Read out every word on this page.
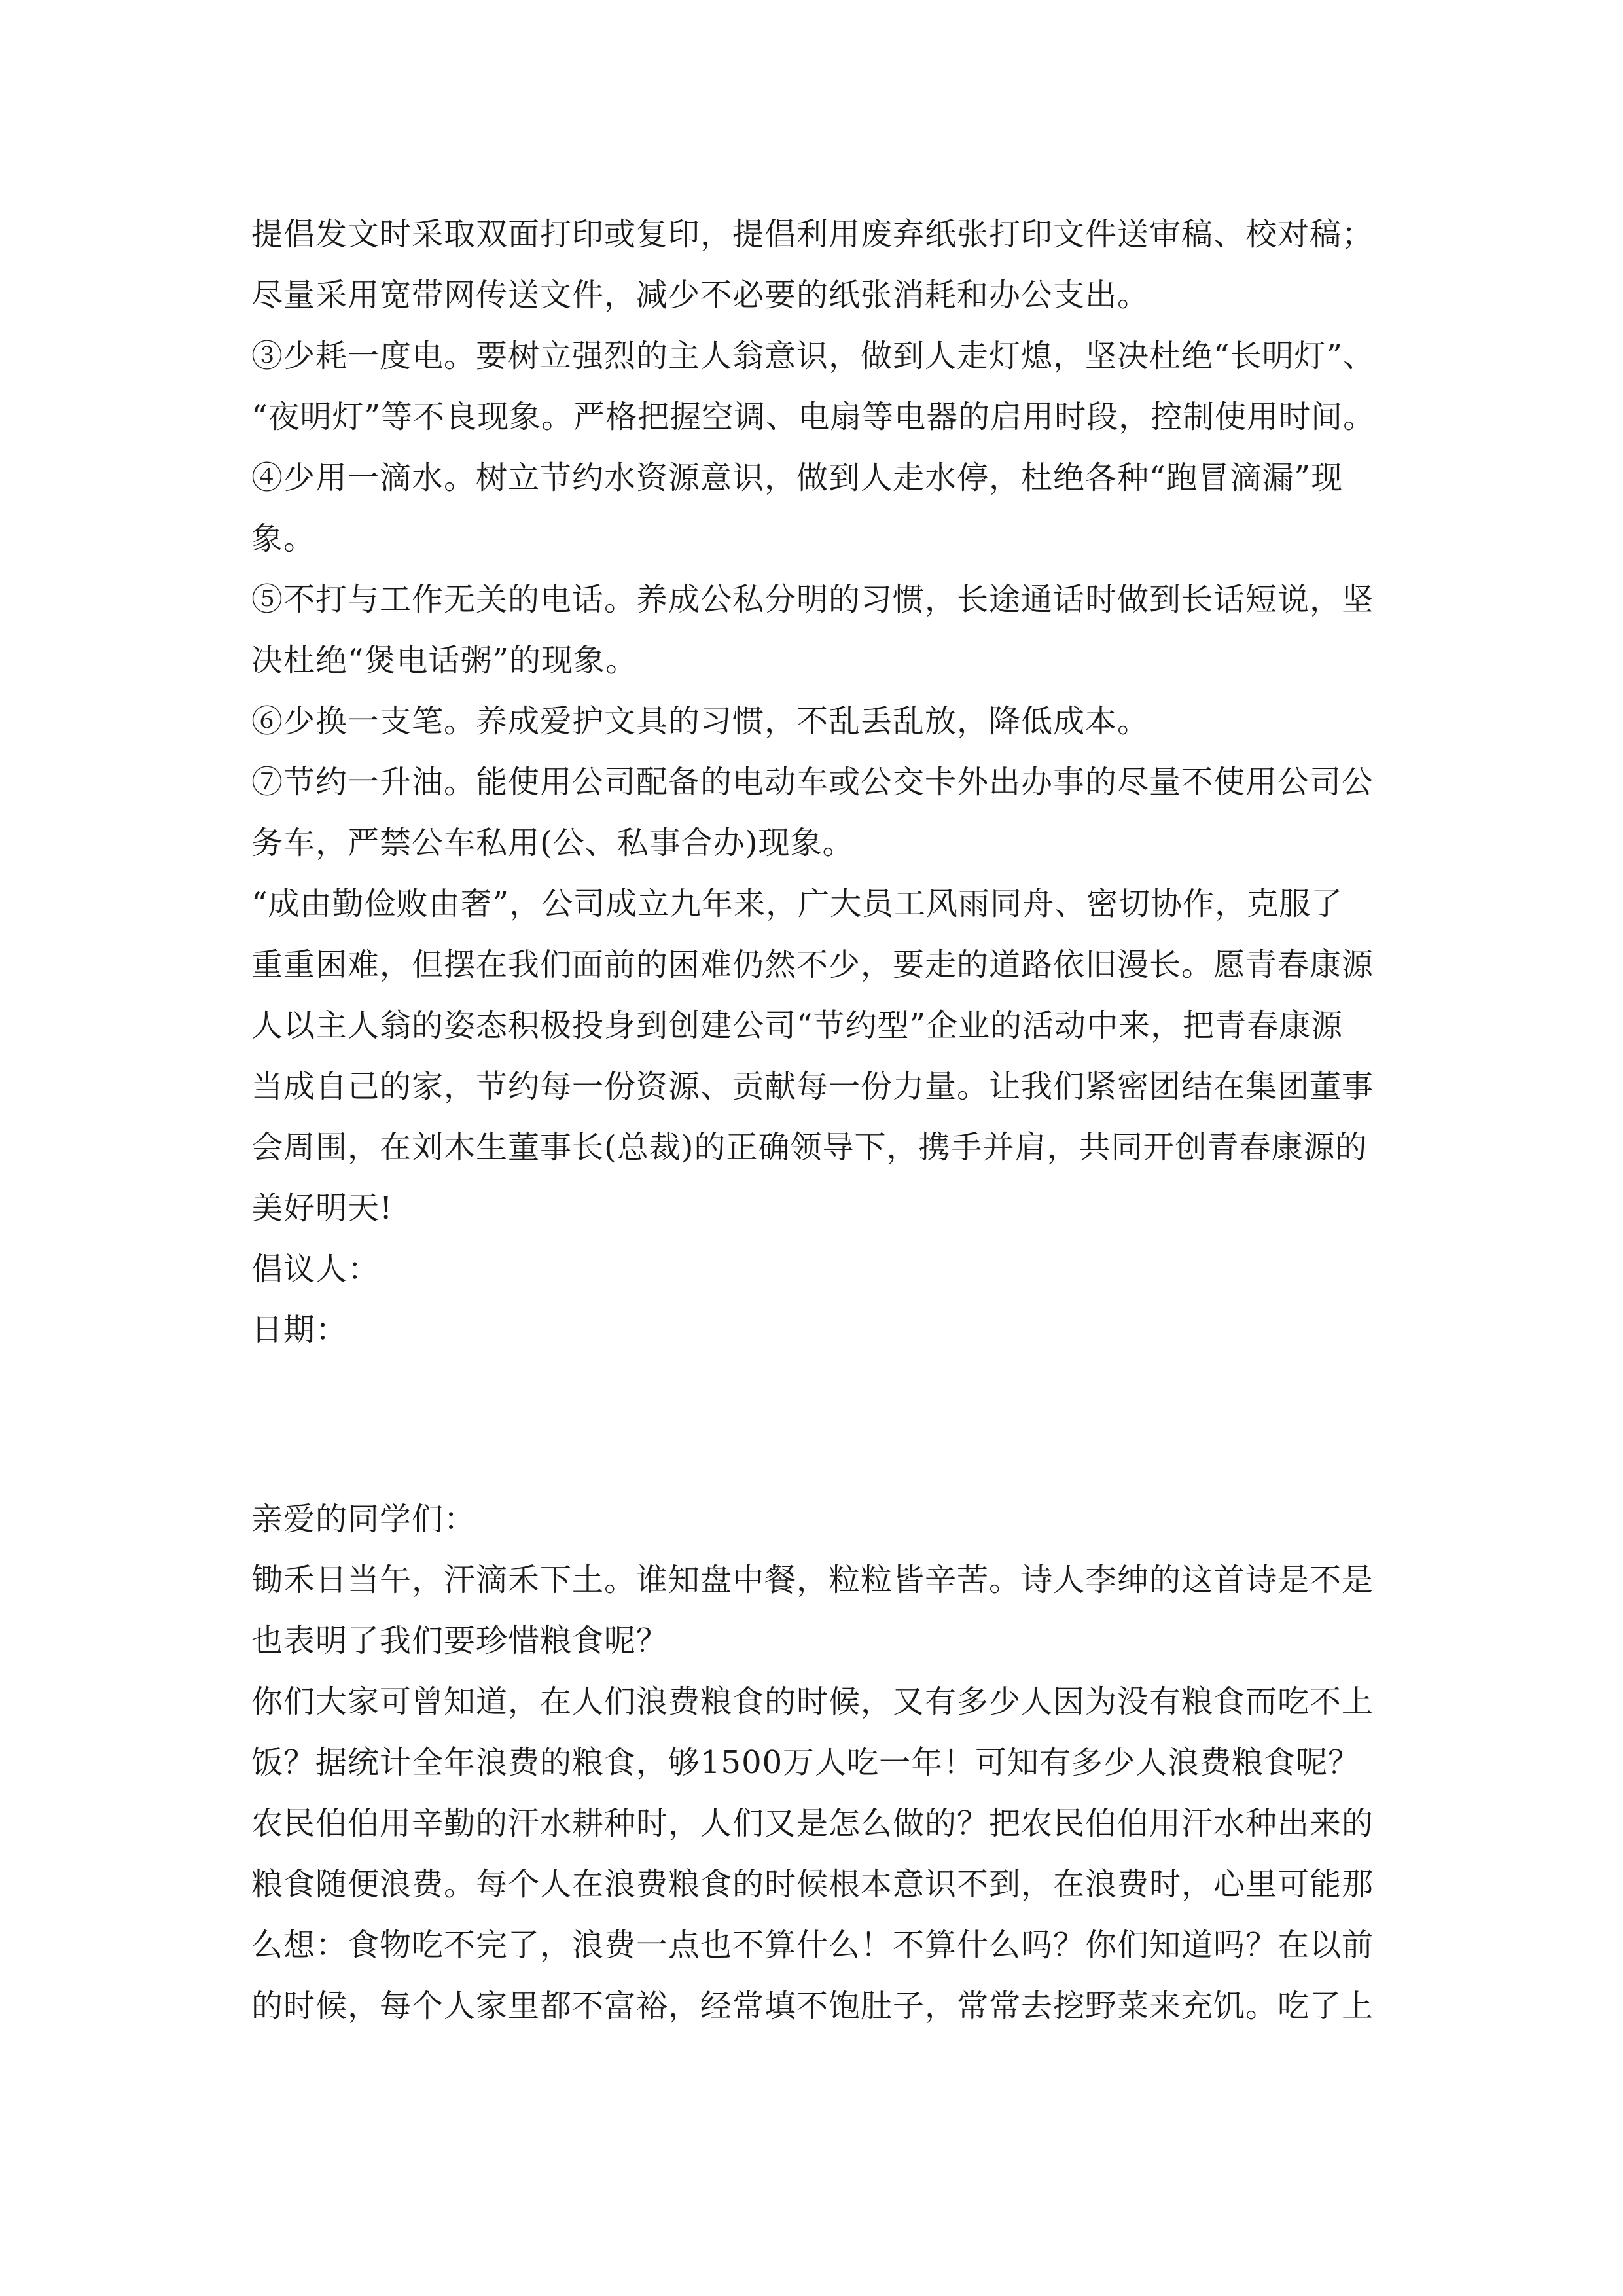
提倡发文时采取双面打印或复印，提倡利用废弃纸张打印文件送审稿、校对稿；
尽量采用宽带网传送文件，减少不必要的纸张消耗和办公支出。
③少耗一度电。要树立强烈的主人翁意识，做到人走灯熄，坚决杜绝“长明灯”、
“夜明灯”等不良现象。严格把握空调、电扇等电器的启用时段，控制使用时间。
④少用一滴水。树立节约水资源意识，做到人走水停，杜绝各种“跑冒滴漏”现
象。
⑤不打与工作无关的电话。养成公私分明的习惯，长途通话时做到长话短说，坚
决杜绝“煲电话粥”的现象。
⑥少换一支笔。养成爱护文具的习惯，不乱丢乱放，降低成本。
⑦节约一升油。能使用公司配备的电动车或公交卡外出办事的尽量不使用公司公
务车，严禁公车私用(公、私事合办)现象。
“成由勤俭败由奢”，公司成立九年来，广大员工风雨同舟、密切协作，克服了
重重困难，但摆在我们面前的困难仍然不少，要走的道路依旧漫长。愿青春康源
人以主人翁的姿态积极投身到创建公司“节约型”企业的活动中来，把青春康源
当成自己的家，节约每一份资源、贡献每一份力量。让我们紧密团结在集团董事
会周围，在刘木生董事长(总裁)的正确领导下，携手并肩，共同开创青春康源的
美好明天!
倡议人：
日期：
亲爱的同学们：
锄禾日当午，汗滴禾下土。谁知盘中餐，粒粒皆辛苦。诗人李绅的这首诗是不是
也表明了我们要珍惜粮食呢？
你们大家可曾知道，在人们浪费粮食的时候，又有多少人因为没有粮食而吃不上
饭？据统计全年浪费的粮食，够1500万人吃一年！可知有多少人浪费粮食呢？
农民伯伯用辛勤的汗水耕种时，人们又是怎么做的？把农民伯伯用汗水种出来的
粮食随便浪费。每个人在浪费粮食的时候根本意识不到，在浪费时，心里可能那
么想：食物吃不完了，浪费一点也不算什么！不算什么吗？你们知道吗？在以前
的时候，每个人家里都不富裕，经常填不饱肚子，常常去挖野菜来充饥。吃了上
